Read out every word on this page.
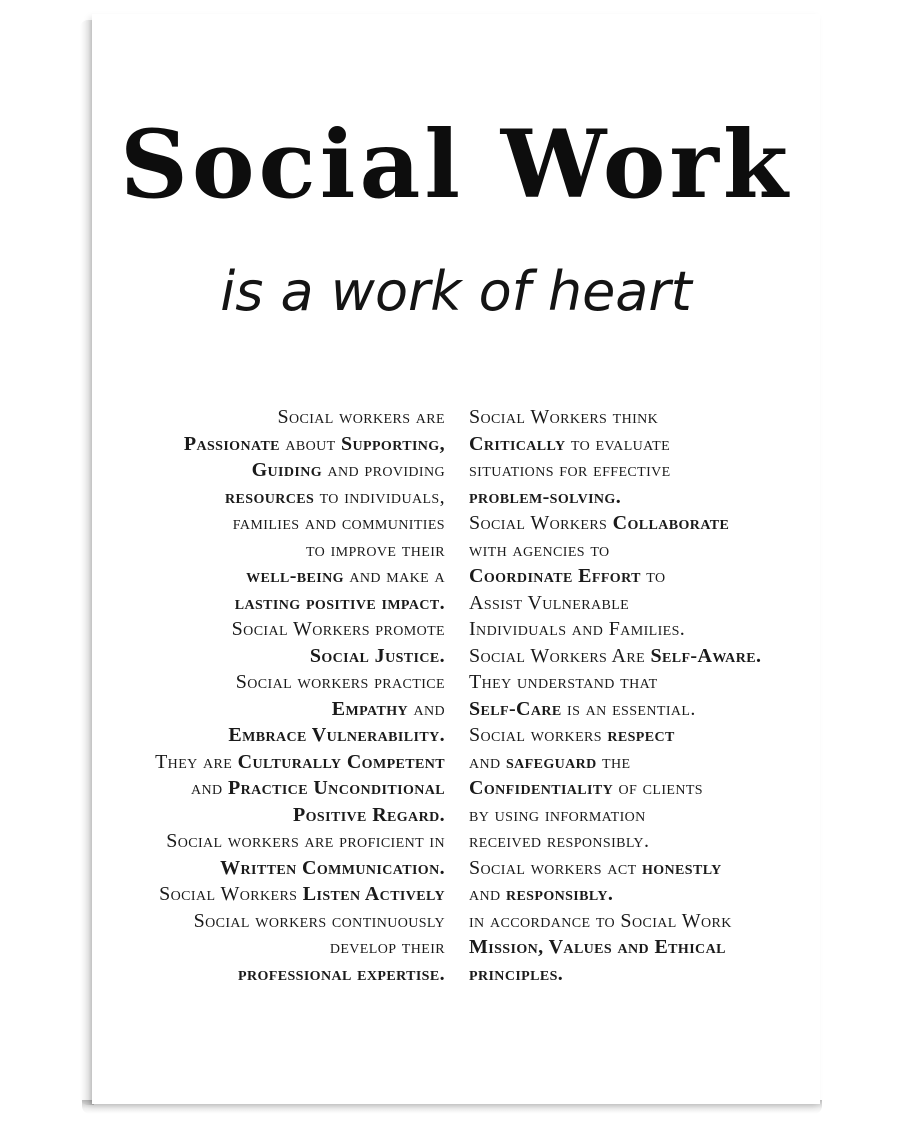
Social Work
is a work of heart
Social workers are
Passionate about Supporting,
Guiding and providing
resources to individuals,
families and communities
to improve their
well-being and make a
lasting positive impact.
Social Workers promote
Social Justice.
Social workers practice
Empathy and
Embrace Vulnerability.
They are Culturally Competent
and Practice Unconditional
Positive Regard.
Social workers are proficient in
Written Communication.
Social Workers Listen Actively
Social workers continuously
develop their
professional expertise.
Social Workers think
Critically to evaluate
situations for effective
problem-solving.
Social Workers Collaborate
with agencies to
Coordinate Effort to
Assist Vulnerable
Individuals and Families.
Social Workers Are Self-Aware.
They understand that
Self-Care is an essential.
Social workers respect
and safeguard the
Confidentiality of clients
by using information
received responsibly.
Social workers act honestly
and responsibly.
in accordance to Social Work
Mission, Values and Ethical
principles.
